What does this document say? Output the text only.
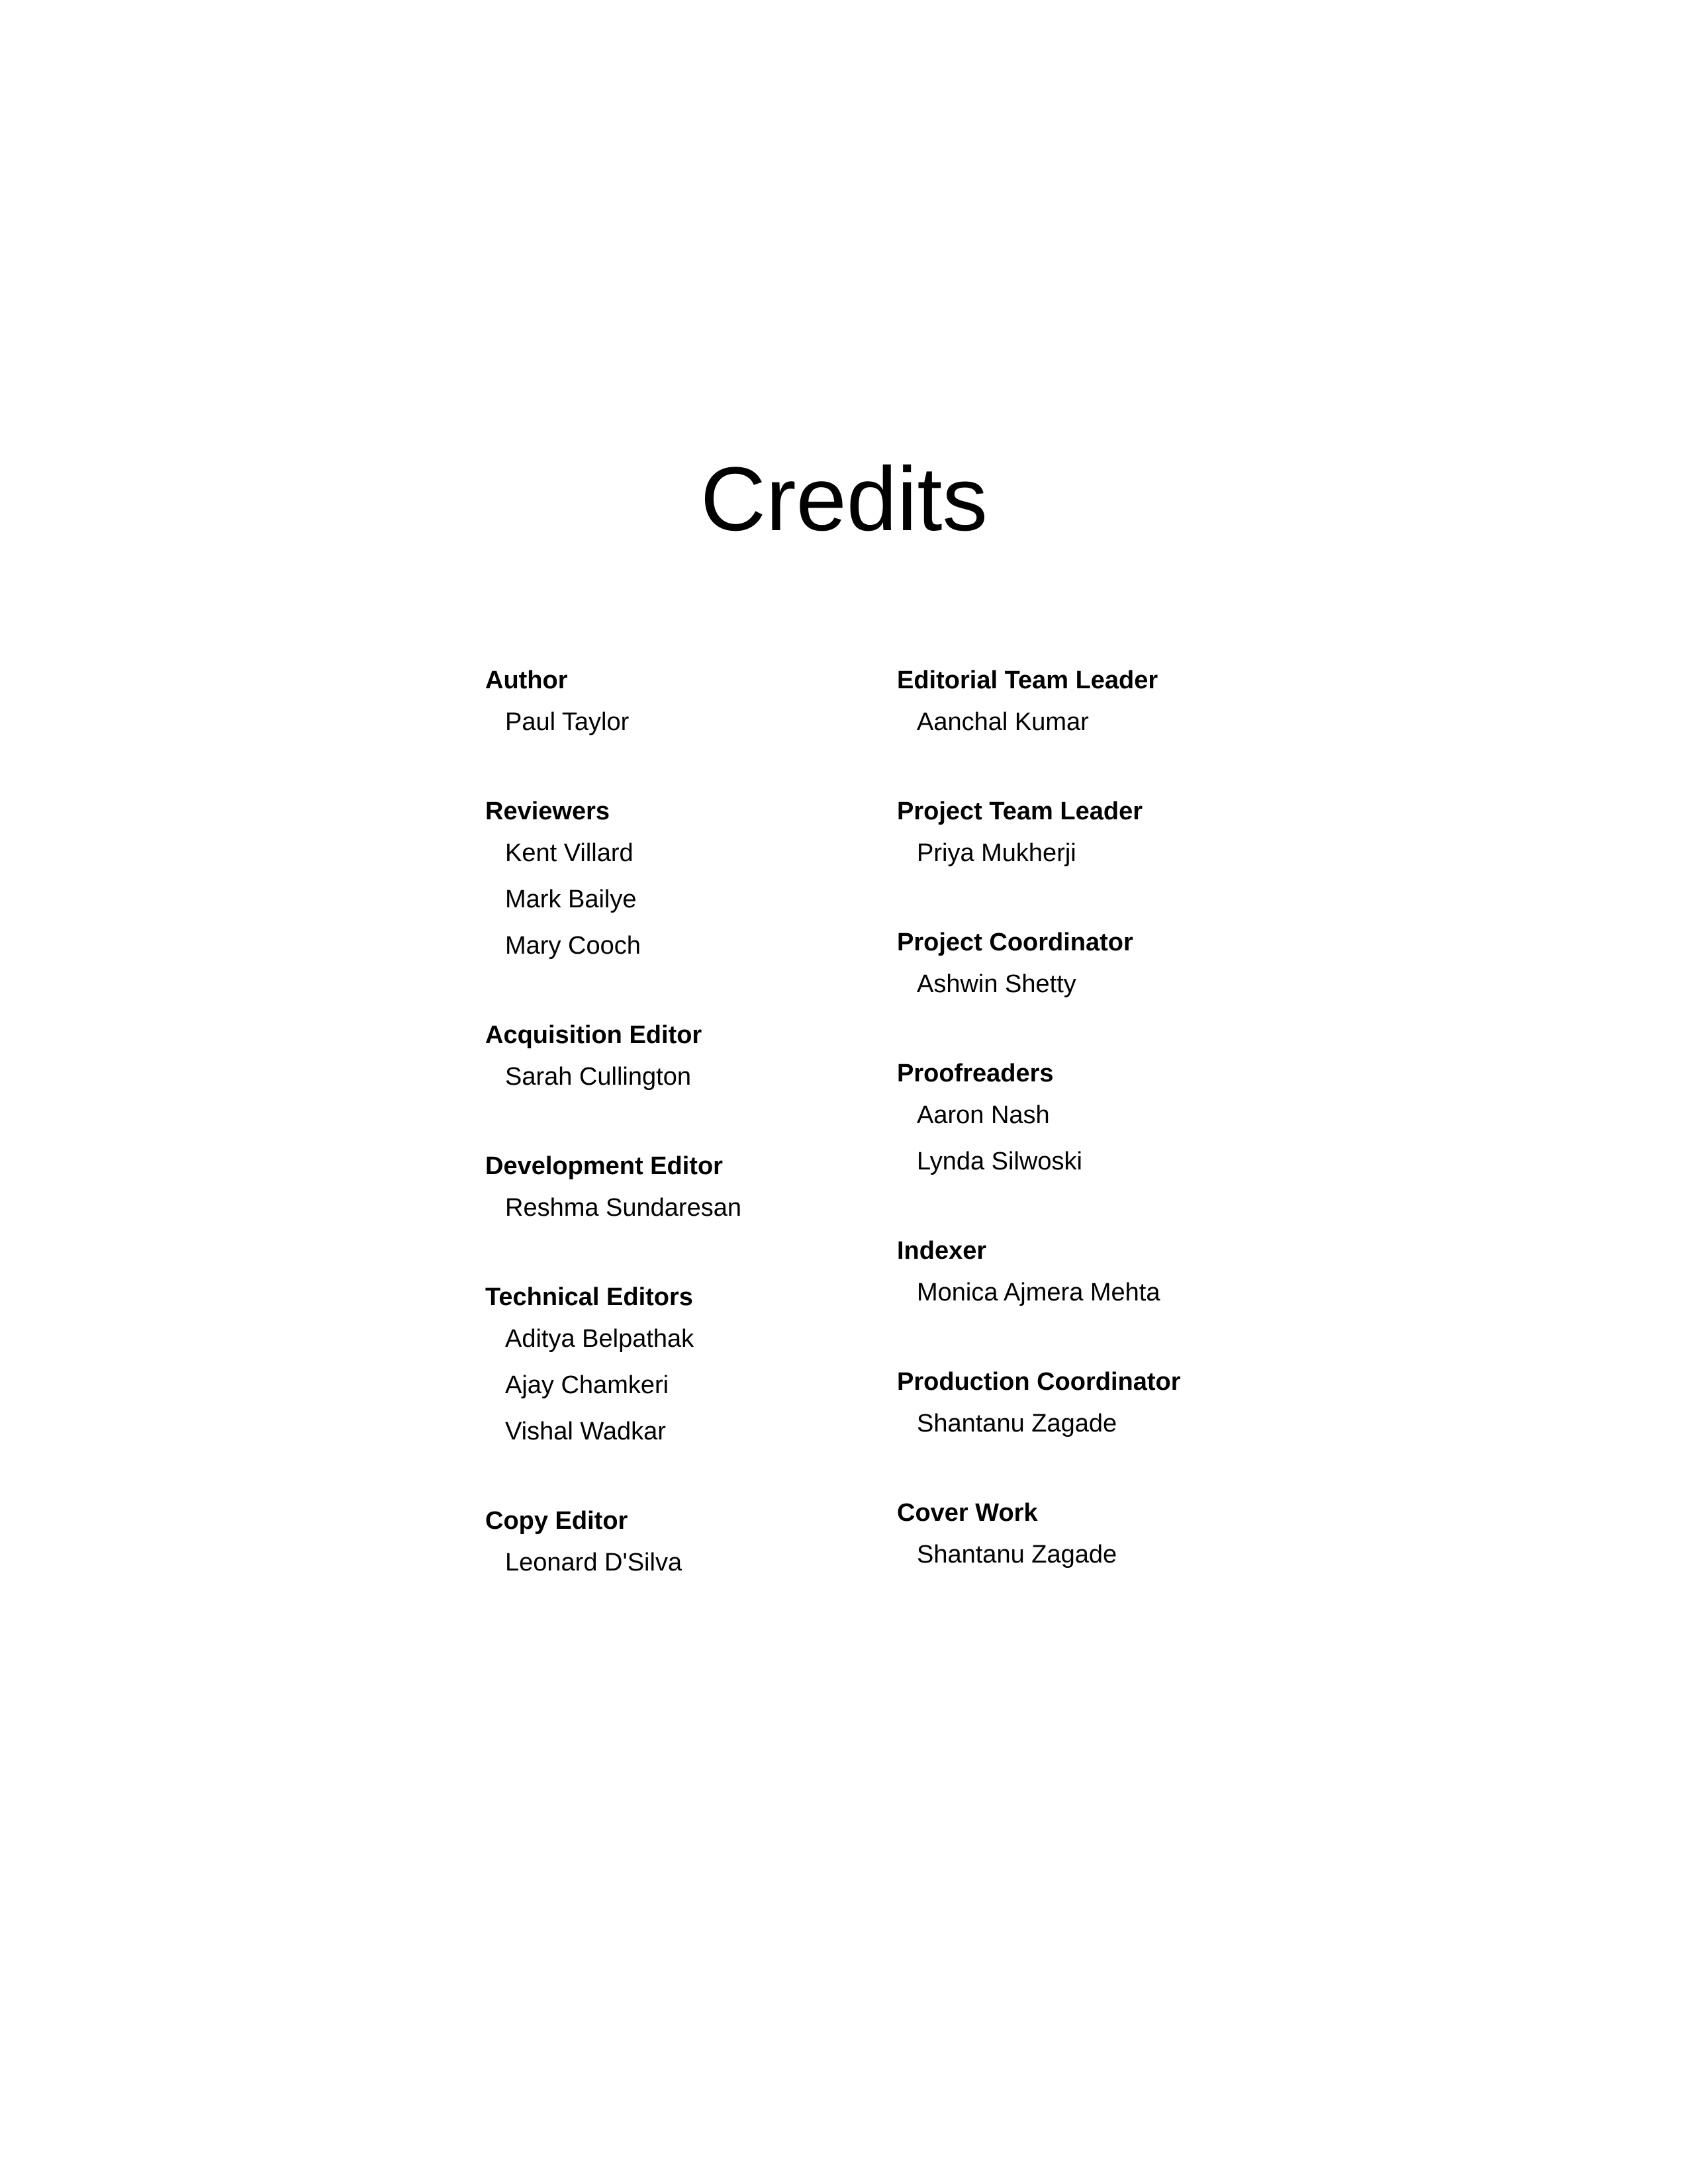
Credits
Author
Paul Taylor
Reviewers
Kent Villard
Mark Bailye
Mary Cooch
Acquisition Editor
Sarah Cullington
Development Editor
Reshma Sundaresan
Technical Editors
Aditya Belpathak
Ajay Chamkeri
Vishal Wadkar
Copy Editor
Leonard D'Silva
Editorial Team Leader
Aanchal Kumar
Project Team Leader
Priya Mukherji
Project Coordinator
Ashwin Shetty
Proofreaders
Aaron Nash
Lynda Silwoski
Indexer
Monica Ajmera Mehta
Production Coordinator
Shantanu Zagade
Cover Work
Shantanu Zagade
